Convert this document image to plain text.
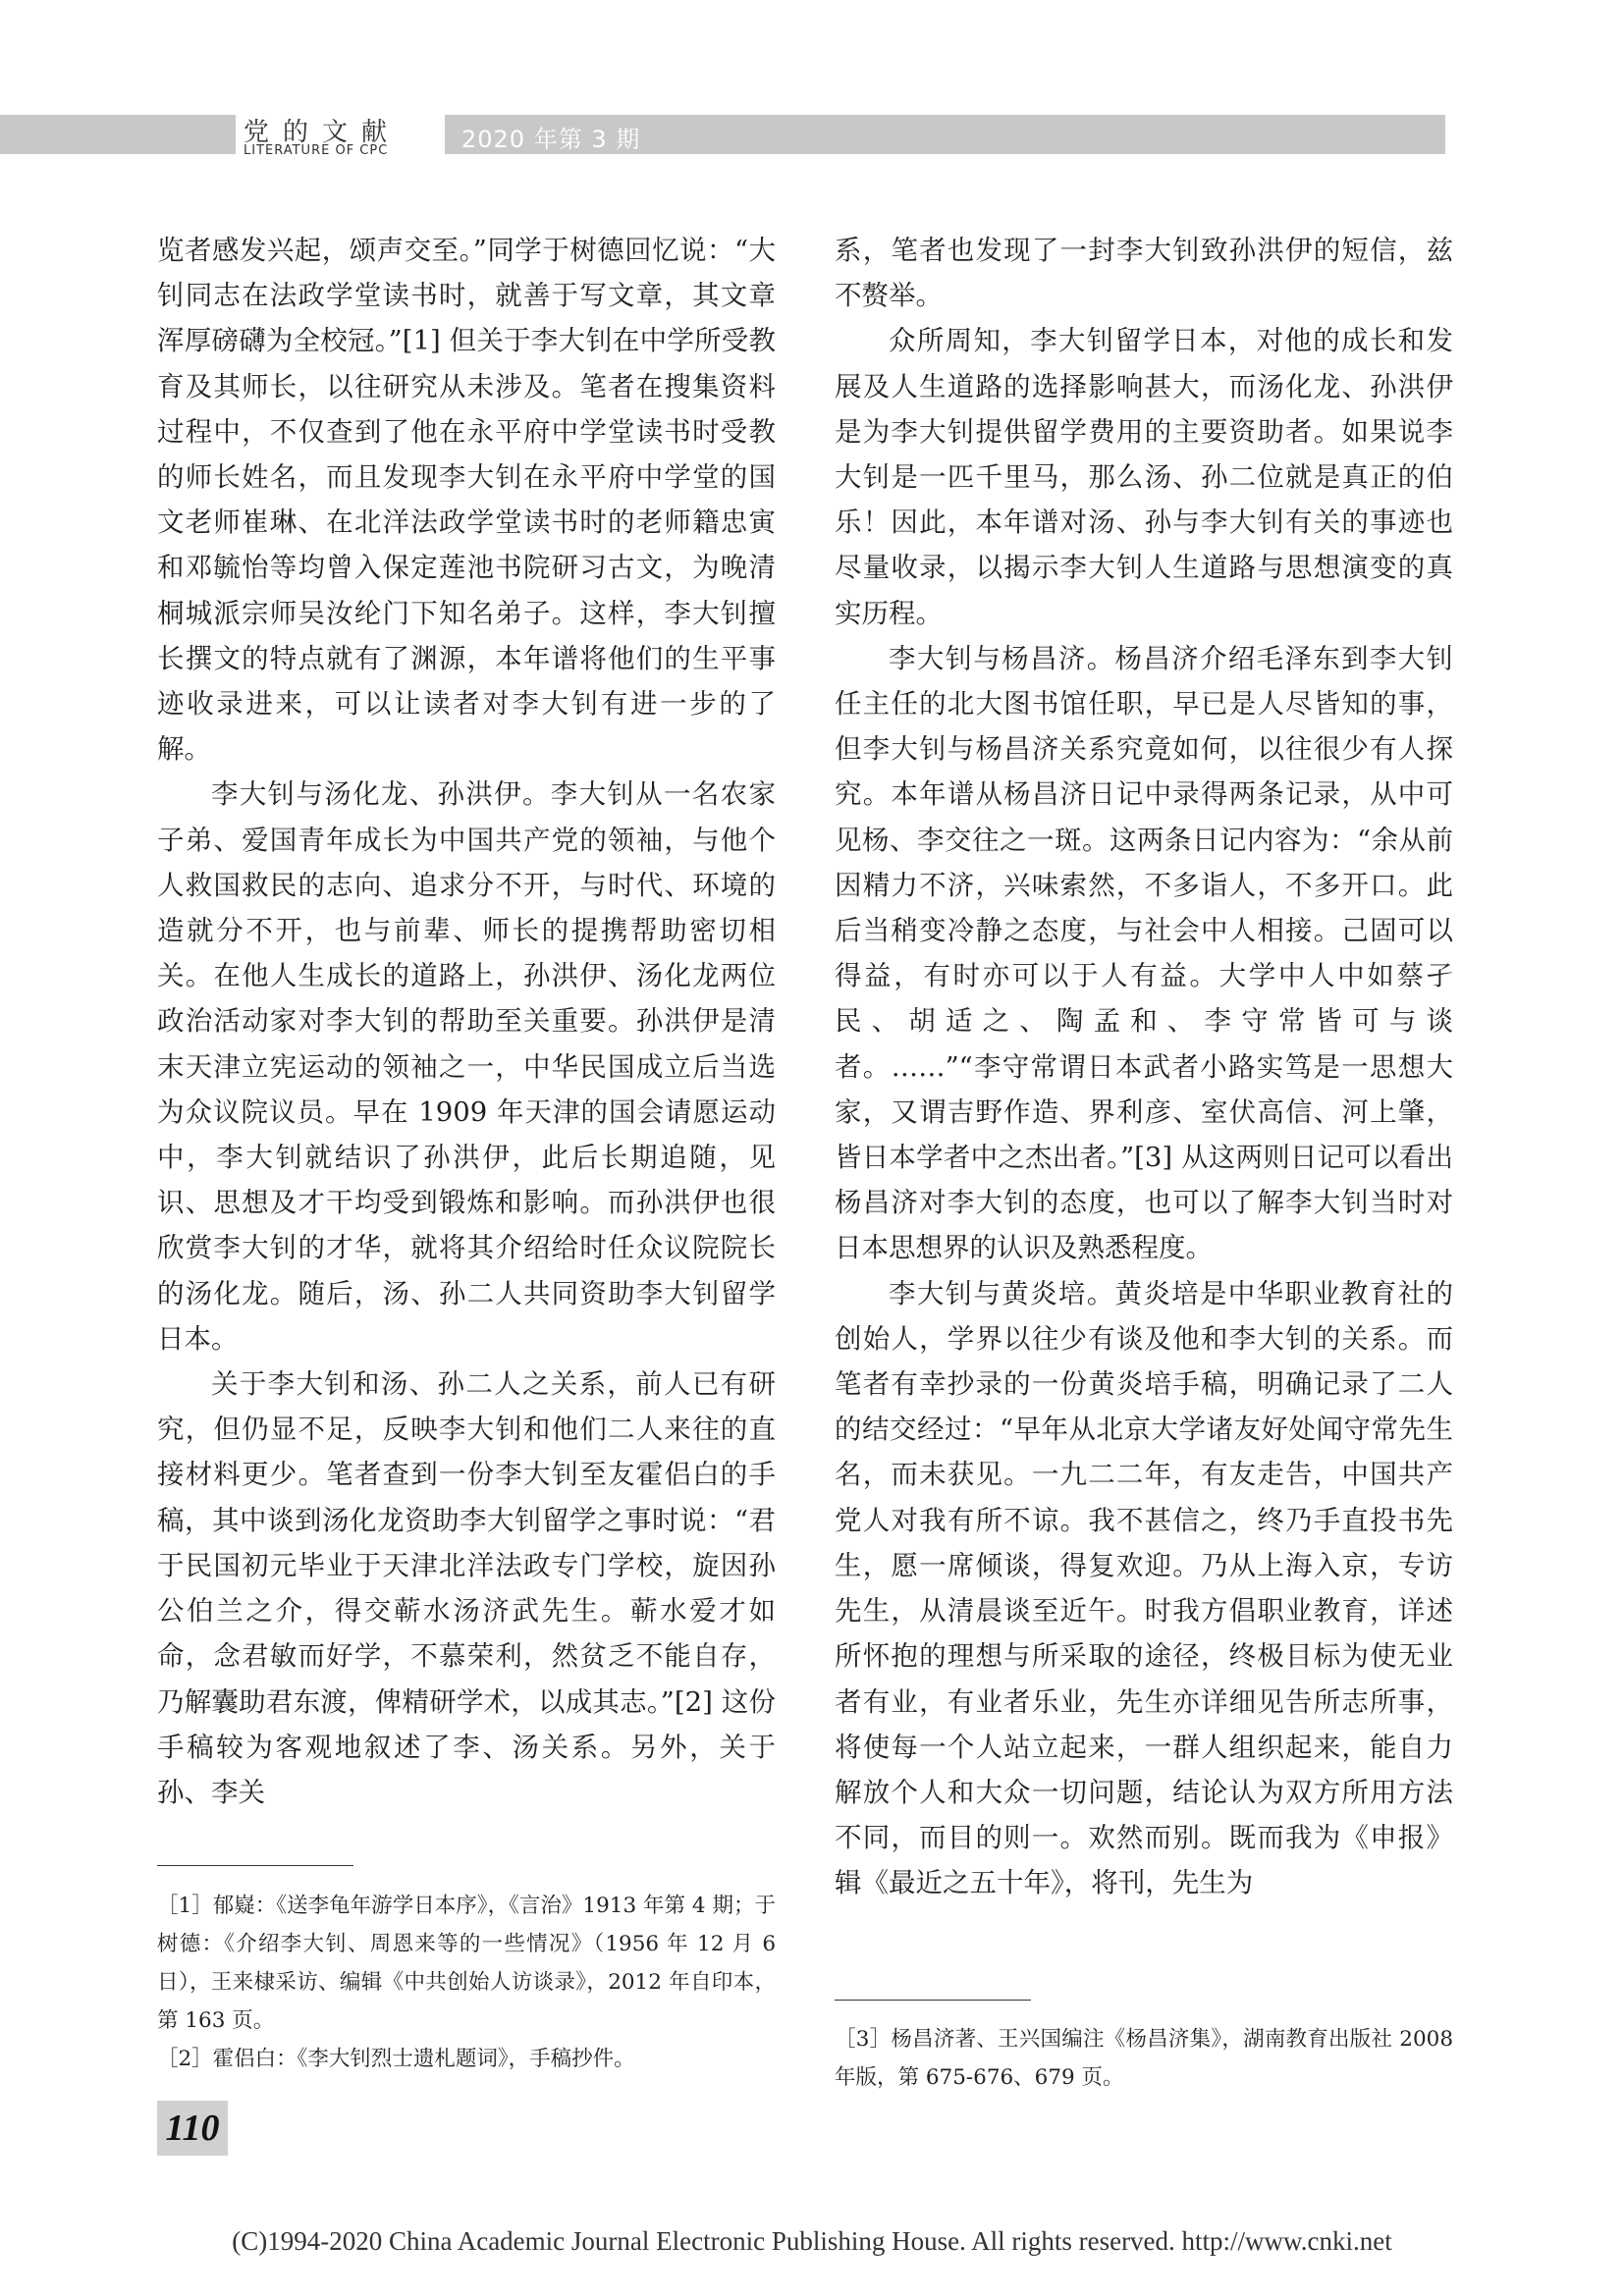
党的文献
LITERATURE OF CPC	2020 年第 3 期

览者感发兴起，颂声交至。”同学于树德回忆说：“大钊同志在法政学堂读书时，就善于写文章，其文章浑厚磅礴为全校冠。”[1] 但关于李大钊在中学所受教育及其师长，以往研究从未涉及。笔者在搜集资料过程中，不仅查到了他在永平府中学堂读书时受教的师长姓名，而且发现李大钊在永平府中学堂的国文老师崔琳、在北洋法政学堂读书时的老师籍忠寅和邓毓怡等均曾入保定莲池书院研习古文，为晚清桐城派宗师吴汝纶门下知名弟子。这样，李大钊擅长撰文的特点就有了渊源，本年谱将他们的生平事迹收录进来，可以让读者对李大钊有进一步的了解。

李大钊与汤化龙、孙洪伊。李大钊从一名农家子弟、爱国青年成长为中国共产党的领袖，与他个人救国救民的志向、追求分不开，与时代、环境的造就分不开，也与前辈、师长的提携帮助密切相关。在他人生成长的道路上，孙洪伊、汤化龙两位政治活动家对李大钊的帮助至关重要。孙洪伊是清末天津立宪运动的领袖之一，中华民国成立后当选为众议院议员。早在 1909 年天津的国会请愿运动中，李大钊就结识了孙洪伊，此后长期追随，见识、思想及才干均受到锻炼和影响。而孙洪伊也很欣赏李大钊的才华，就将其介绍给时任众议院院长的汤化龙。随后，汤、孙二人共同资助李大钊留学日本。

关于李大钊和汤、孙二人之关系，前人已有研究，但仍显不足，反映李大钊和他们二人来往的直接材料更少。笔者查到一份李大钊至友霍侣白的手稿，其中谈到汤化龙资助李大钊留学之事时说：“君于民国初元毕业于天津北洋法政专门学校，旋因孙公伯兰之介，得交蕲水汤济武先生。蕲水爱才如命，念君敏而好学，不慕荣利，然贫乏不能自存，乃解囊助君东渡，俾精研学术，以成其志。”[2] 这份手稿较为客观地叙述了李、汤关系。另外，关于孙、李关

系，笔者也发现了一封李大钊致孙洪伊的短信，兹不赘举。

众所周知，李大钊留学日本，对他的成长和发展及人生道路的选择影响甚大，而汤化龙、孙洪伊是为李大钊提供留学费用的主要资助者。如果说李大钊是一匹千里马，那么汤、孙二位就是真正的伯乐！因此，本年谱对汤、孙与李大钊有关的事迹也尽量收录，以揭示李大钊人生道路与思想演变的真实历程。

李大钊与杨昌济。杨昌济介绍毛泽东到李大钊任主任的北大图书馆任职，早已是人尽皆知的事，但李大钊与杨昌济关系究竟如何，以往很少有人探究。本年谱从杨昌济日记中录得两条记录，从中可见杨、李交往之一斑。这两条日记内容为：“余从前因精力不济，兴味索然，不多诣人，不多开口。此后当稍变冷静之态度，与社会中人相接。己固可以得益，有时亦可以于人有益。大学中人中如蔡孑民、胡适之、陶孟和、李守常皆可与谈者。……”“李守常谓日本武者小路实笃是一思想大家，又谓吉野作造、界利彦、室伏高信、河上肇，皆日本学者中之杰出者。”[3] 从这两则日记可以看出杨昌济对李大钊的态度，也可以了解李大钊当时对日本思想界的认识及熟悉程度。

李大钊与黄炎培。黄炎培是中华职业教育社的创始人，学界以往少有谈及他和李大钊的关系。而笔者有幸抄录的一份黄炎培手稿，明确记录了二人的结交经过：“早年从北京大学诸友好处闻守常先生名，而未获见。一九二二年，有友走告，中国共产党人对我有所不谅。我不甚信之，终乃手直投书先生，愿一席倾谈，得复欢迎。乃从上海入京，专访先生，从清晨谈至近午。时我方倡职业教育，详述所怀抱的理想与所采取的途径，终极目标为使无业者有业，有业者乐业，先生亦详细见告所志所事，将使每一个人站立起来，一群人组织起来，能自力解放个人和大众一切问题，结论认为双方所用方法不同，而目的则一。欢然而别。既而我为《申报》辑《最近之五十年》，将刊，先生为

［1］郁嶷：《送李龟年游学日本序》，《言治》1913 年第 4 期；于树德：《介绍李大钊、周恩来等的一些情况》（1956 年 12 月 6 日），王来棣采访、编辑《中共创始人访谈录》，2012 年自印本，第 163 页。

［2］霍侣白：《李大钊烈士遗札题词》，手稿抄件。

［3］杨昌济著、王兴国编注《杨昌济集》，湖南教育出版社 2008 年版，第 675-676、679 页。

110
(C)1994-2020 China Academic Journal Electronic Publishing House. All rights reserved. http://www.cnki.net
